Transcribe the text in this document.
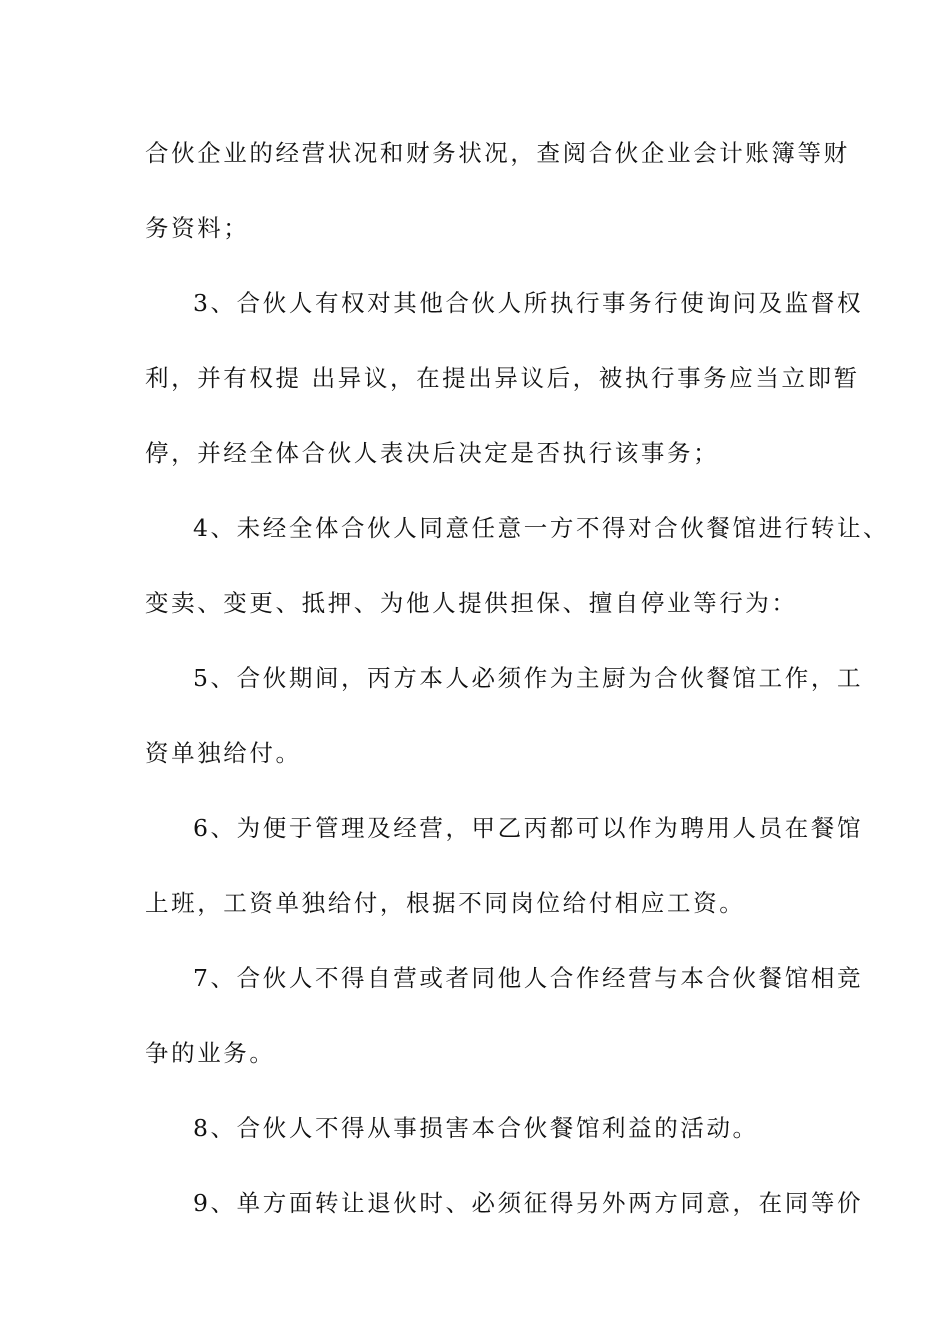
合伙企业的经营状况和财务状况，查阅合伙企业会计账簿等财
务资料；
3、合伙人有权对其他合伙人所执行事务行使询问及监督权
利，并有权提 出异议，在提出异议后，被执行事务应当立即暂
停，并经全体合伙人表决后决定是否执行该事务；
4、未经全体合伙人同意任意一方不得对合伙餐馆进行转让、
变卖、变更、抵押、为他人提供担保、擅自停业等行为：
5、合伙期间，丙方本人必须作为主厨为合伙餐馆工作，工
资单独给付。
6、为便于管理及经营，甲乙丙都可以作为聘用人员在餐馆
上班，工资单独给付，根据不同岗位给付相应工资。
7、合伙人不得自营或者同他人合作经营与本合伙餐馆相竞
争的业务。
8、合伙人不得从事损害本合伙餐馆利益的活动。
9、单方面转让退伙时、必须征得另外两方同意，在同等价
